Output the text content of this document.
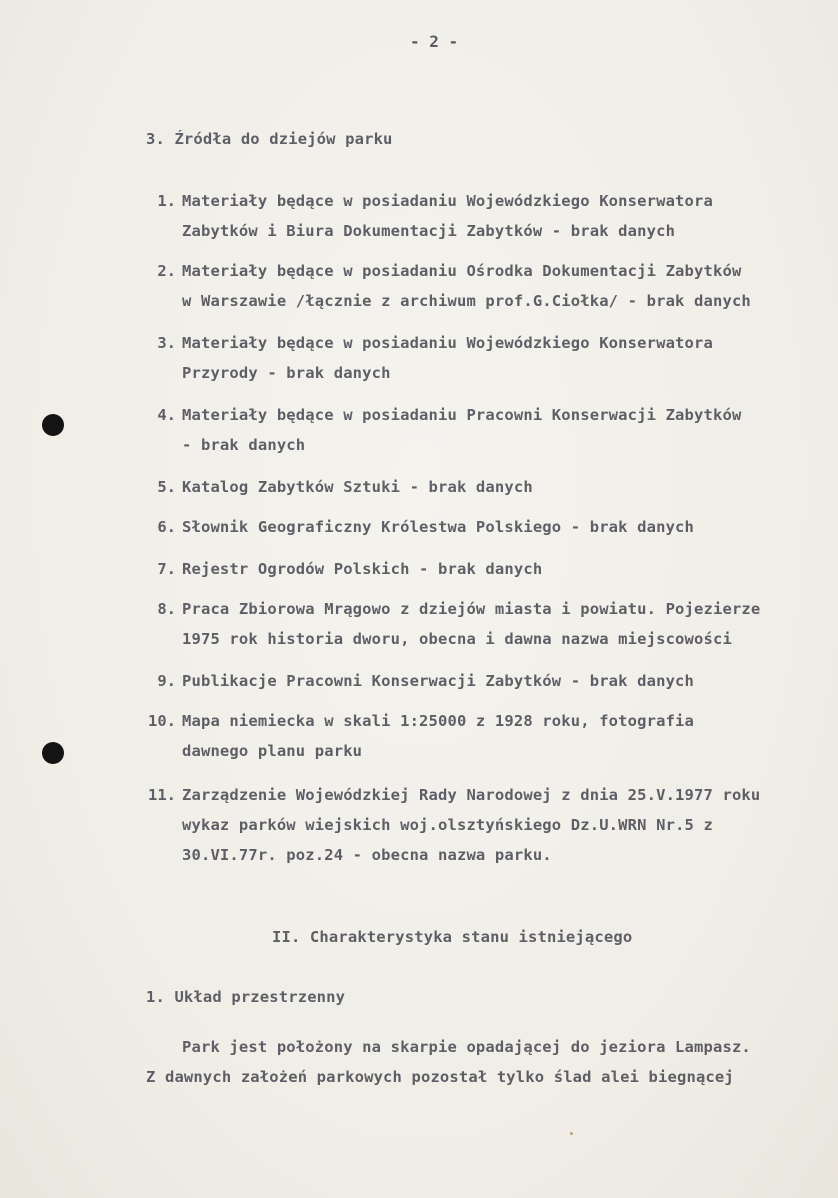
- 2 -
3. Źródła do dziejów parku
1. Materiały będące w posiadaniu Wojewódzkiego Konserwatora
Zabytków i Biura Dokumentacji Zabytków - brak danych
2. Materiały będące w posiadaniu Ośrodka Dokumentacji Zabytków
w Warszawie /łącznie z archiwum prof.G.Ciołka/ - brak danych
3. Materiały będące w posiadaniu Wojewódzkiego Konserwatora
Przyrody - brak danych
4. Materiały będące w posiadaniu Pracowni Konserwacji Zabytków
- brak danych
5. Katalog Zabytków Sztuki - brak danych
6. Słownik Geograficzny Królestwa Polskiego - brak danych
7. Rejestr Ogrodów Polskich - brak danych
8. Praca Zbiorowa Mrągowo z dziejów miasta i powiatu. Pojezierze
1975 rok historia dworu, obecna i dawna nazwa miejscowości
9. Publikacje Pracowni Konserwacji Zabytków - brak danych
10. Mapa niemiecka w skali 1:25000 z 1928 roku, fotografia
dawnego planu parku
11. Zarządzenie Wojewódzkiej Rady Narodowej z dnia 25.V.1977 roku
wykaz parków wiejskich woj.olsztyńskiego Dz.U.WRN Nr.5 z
30.VI.77r. poz.24 - obecna nazwa parku.
II. Charakterystyka stanu istniejącego
1. Układ przestrzenny
Park jest położony na skarpie opadającej do jeziora Lampasz.
Z dawnych założeń parkowych pozostał tylko ślad alei biegnącej
